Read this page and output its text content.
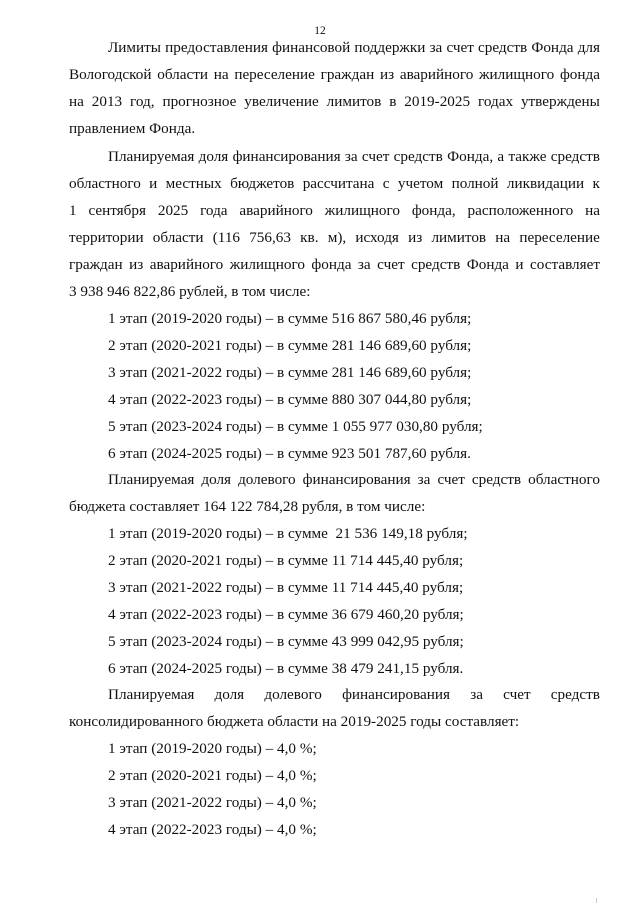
12
Лимиты предоставления финансовой поддержки за счет средств Фонда для
Вологодской области на переселение граждан из аварийного жилищного фонда
на 2013 год, прогнозное увеличение лимитов в 2019-2025 годах утверждены
правлением Фонда.
Планируемая доля финансирования за счет средств Фонда, а также средств
областного и местных бюджетов рассчитана с учетом полной ликвидации к
1 сентября 2025 года аварийного жилищного фонда, расположенного на
территории области (116 756,63 кв. м), исходя из лимитов на переселение
граждан из аварийного жилищного фонда за счет средств Фонда и составляет
3 938 946 822,86 рублей, в том числе:
1 этап (2019-2020 годы) – в сумме 516 867 580,46 рубля;
2 этап (2020-2021 годы) – в сумме 281 146 689,60 рубля;
3 этап (2021-2022 годы) – в сумме 281 146 689,60 рубля;
4 этап (2022-2023 годы) – в сумме 880 307 044,80 рубля;
5 этап (2023-2024 годы) – в сумме 1 055 977 030,80 рубля;
6 этап (2024-2025 годы) – в сумме 923 501 787,60 рубля.
Планируемая доля долевого финансирования за счет средств областного
бюджета составляет 164 122 784,28 рубля, в том числе:
1 этап (2019-2020 годы) – в сумме  21 536 149,18 рубля;
2 этап (2020-2021 годы) – в сумме 11 714 445,40 рубля;
3 этап (2021-2022 годы) – в сумме 11 714 445,40 рубля;
4 этап (2022-2023 годы) – в сумме 36 679 460,20 рубля;
5 этап (2023-2024 годы) – в сумме 43 999 042,95 рубля;
6 этап (2024-2025 годы) – в сумме 38 479 241,15 рубля.
Планируемая доля долевого финансирования за счет средств
консолидированного бюджета области на 2019-2025 годы составляет:
1 этап (2019-2020 годы) – 4,0 %;
2 этап (2020-2021 годы) – 4,0 %;
3 этап (2021-2022 годы) – 4,0 %;
4 этап (2022-2023 годы) – 4,0 %;
